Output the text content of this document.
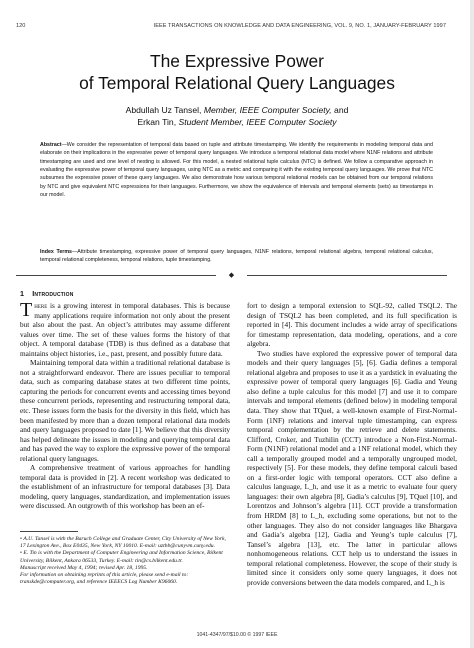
120	IEEE TRANSACTIONS ON KNOWLEDGE AND DATA ENGINEERING, VOL. 9, NO. 1, JANUARY-FEBRUARY 1997
The Expressive Power
of Temporal Relational Query Languages
Abdullah Uz Tansel, Member, IEEE Computer Society, and
Erkan Tin, Student Member, IEEE Computer Society

Abstract—We consider the representation of temporal data based on tuple and attribute timestamping. We identify the requirements in modeling temporal data and elaborate on their implications in the expressive power of temporal query languages. We introduce a temporal relational data model where N1NF relations and attribute timestamping are used and one level of nesting is allowed. For this model, a nested relational tuple calculus (NTC) is defined. We follow a comparative approach in evaluating the expressive power of temporal query languages, using NTC as a metric and comparing it with the existing temporal query languages. We prove that NTC subsumes the expressive power of these query languages. We also demonstrate how various temporal relational models can be obtained from our temporal relations by NTC and give equivalent NTC expressions for their languages. Furthermore, we show the equivalence of intervals and temporal elements (sets) as timestamps in our model.

Index Terms—Attribute timestamping, expressive power of temporal query languages, N1NF relations, temporal relational algebra, temporal relational calculus, temporal relational completeness, temporal relations, tuple timestamping.

◆
1 Introduction

There is a growing interest in temporal databases. This is because many applications require information not only about the present but also about the past. An object’s attributes may assume different values over time. The set of these values forms the history of that object. A temporal database (TDB) is thus defined as a database that maintains object histories, i.e., past, present, and possibly future data.

Maintaining temporal data within a traditional relational database is not a straightforward endeavor. There are issues peculiar to temporal data, such as comparing database states at two different time points, capturing the periods for concurrent events and accessing times beyond these concurrent periods, representing and restructuring temporal data, etc. These issues form the basis for the diversity in this field, which has been manifested by more than a dozen temporal relational data models and query languages proposed to date [1]. We believe that this diversity has helped delineate the issues in modeling and querying temporal data and has paved the way to explore the expressive power of the temporal relational query languages.

A comprehensive treatment of various approaches for handling temporal data is provided in [2]. A recent workshop was dedicated to the establishment of an infrastructure for temporal databases [3]. Data modeling, query languages, standardization, and implementation issues were discussed. An outgrowth of this workshop has been an ef-

• A.U. Tansel is with the Baruch College and Graduate Center, City University of New York, 17 Lexington Ave., Box E0435, New York, NY 10010. E-mail: uztbb@cunyvm.cuny.edu.

• E. Tin is with the Department of Computer Engineering and Information Science, Bilkent University, Bilkent, Ankara 06533, Turkey. E-mail: tin@cs.bilkent.edu.tr.

Manuscript received May 4, 1994; revised Apr. 18, 1995.

For information on obtaining reprints of this article, please send e-mail to: transkde@computer.org, and reference IEEECS Log Number K96060.

fort to design a temporal extension to SQL-92, called TSQL2. The design of TSQL2 has been completed, and its full specification is reported in [4]. This document includes a wide array of specifications for timestamp representation, data modeling, operations, and a core algebra.

Two studies have explored the expressive power of temporal data models and their query languages [5], [6]. Gadia defines a temporal relational algebra and proposes to use it as a yardstick in evaluating the expressive power of temporal query languages [6]. Gadia and Yeung also define a tuple calculus for this model [7] and use it to compare intervals and temporal elements (defined below) in modeling temporal data. They show that TQuel, a well-known example of First-Normal-Form (1NF) relations and interval tuple timestamping, can express temporal complementation by the retrieve and delete statements. Clifford, Croker, and Tuzhilin (CCT) introduce a Non-First-Normal-Form (N1NF) relational model and a 1NF relational model, which they call a temporally grouped model and a temporally ungrouped model, respectively [5]. For these models, they define temporal calculi based on a first-order logic with temporal operators. CCT also define a calculus language, L_h, and use it as a metric to evaluate four query languages: their own algebra [8], Gadia’s calculus [9], TQuel [10], and Lorentzos and Johnson’s algebra [11]. CCT provide a transformation from HRDM [8] to L_h, excluding some operations, but not to the other languages. They also do not consider languages like Bhargava and Gadia’s algebra [12], Gadia and Yeung’s tuple calculus [7], Tansel’s algebra [13], etc. The latter in particular allows nonhomogeneous relations. CCT help us to understand the issues in temporal relational completeness. However, the scope of their study is limited since it considers only some query languages, it does not provide conversions between the data models compared, and L_h is

1041-4347/97/$10.00 © 1997 IEEE
